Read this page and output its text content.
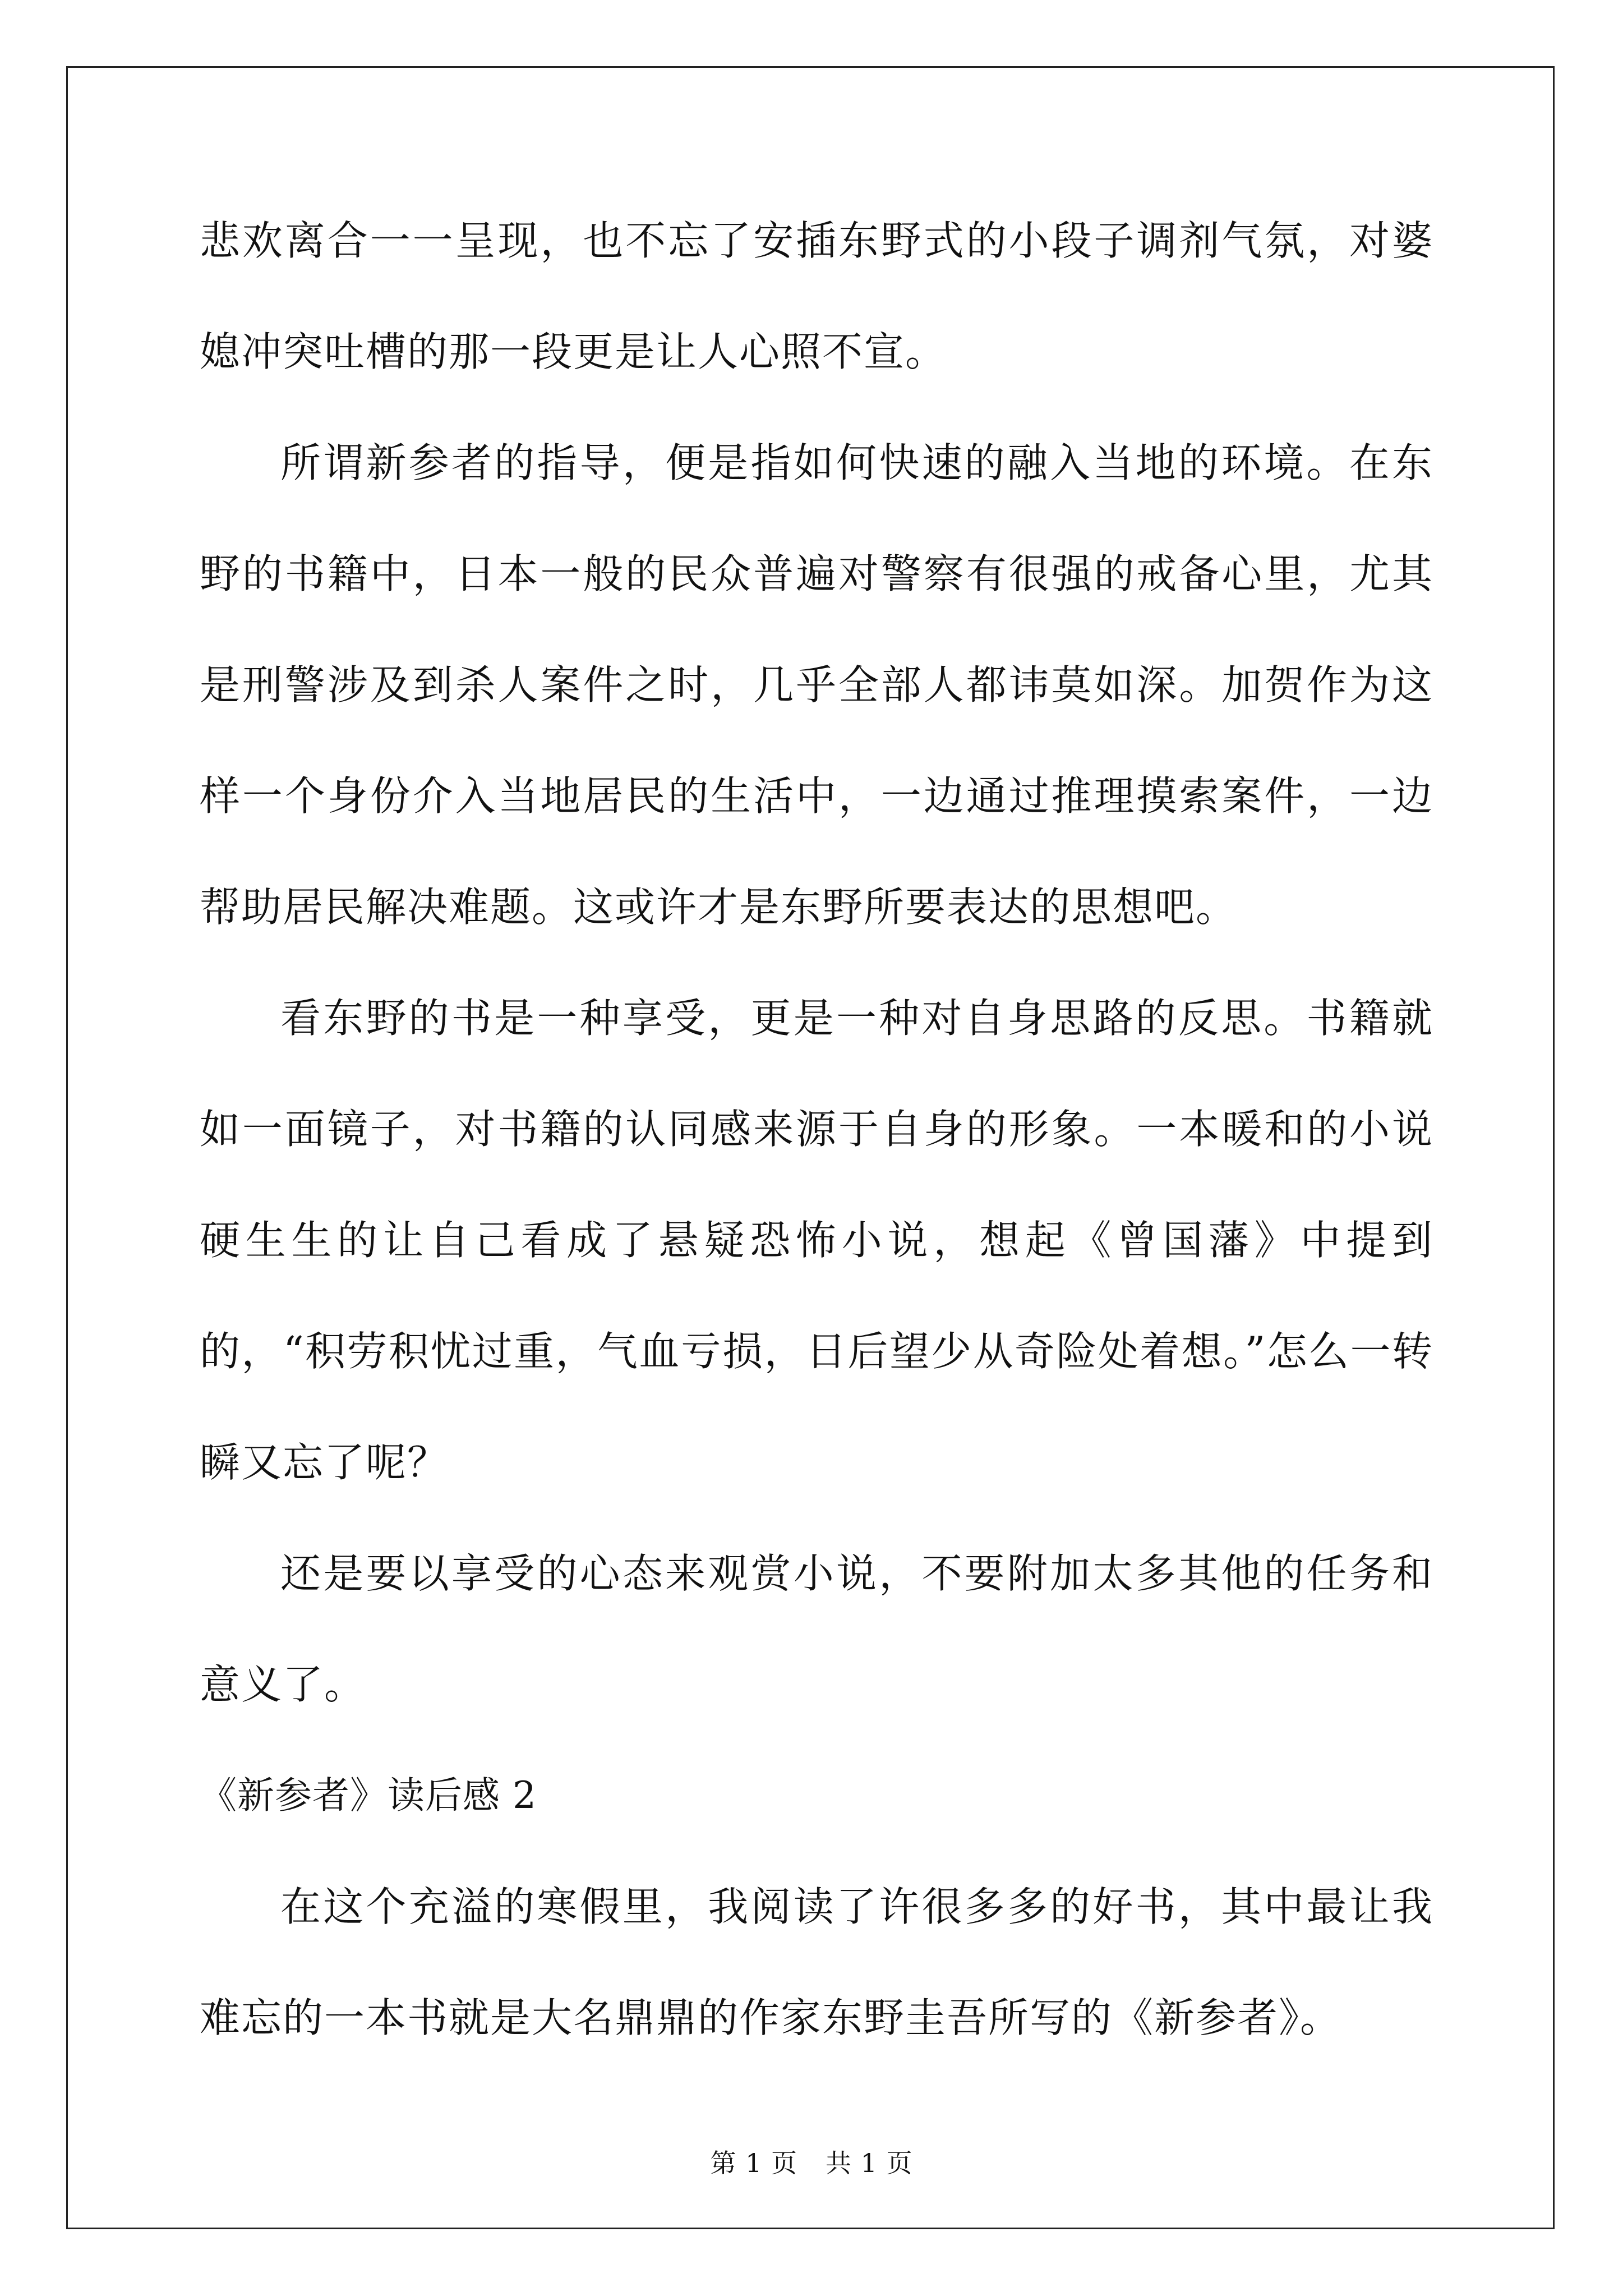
悲欢离合一一呈现，也不忘了安插东野式的小段子调剂气氛，对婆媳冲突吐槽的那一段更是让人心照不宣。

所谓新参者的指导，便是指如何快速的融入当地的环境。在东野的书籍中，日本一般的民众普遍对警察有很强的戒备心里，尤其是刑警涉及到杀人案件之时，几乎全部人都讳莫如深。加贺作为这样一个身份介入当地居民的生活中，一边通过推理摸索案件，一边帮助居民解决难题。这或许才是东野所要表达的思想吧。

看东野的书是一种享受，更是一种对自身思路的反思。书籍就如一面镜子，对书籍的认同感来源于自身的形象。一本暖和的小说硬生生的让自己看成了悬疑恐怖小说，想起《曾国藩》中提到的，“积劳积忧过重，气血亏损，日后望少从奇险处着想。”怎么一转瞬又忘了呢？

还是要以享受的心态来观赏小说，不要附加太多其他的任务和意义了。

《新参者》读后感 2

在这个充溢的寒假里，我阅读了许很多多的好书，其中最让我难忘的一本书就是大名鼎鼎的作家东野圭吾所写的《新参者》。

第 1 页 共 1 页
